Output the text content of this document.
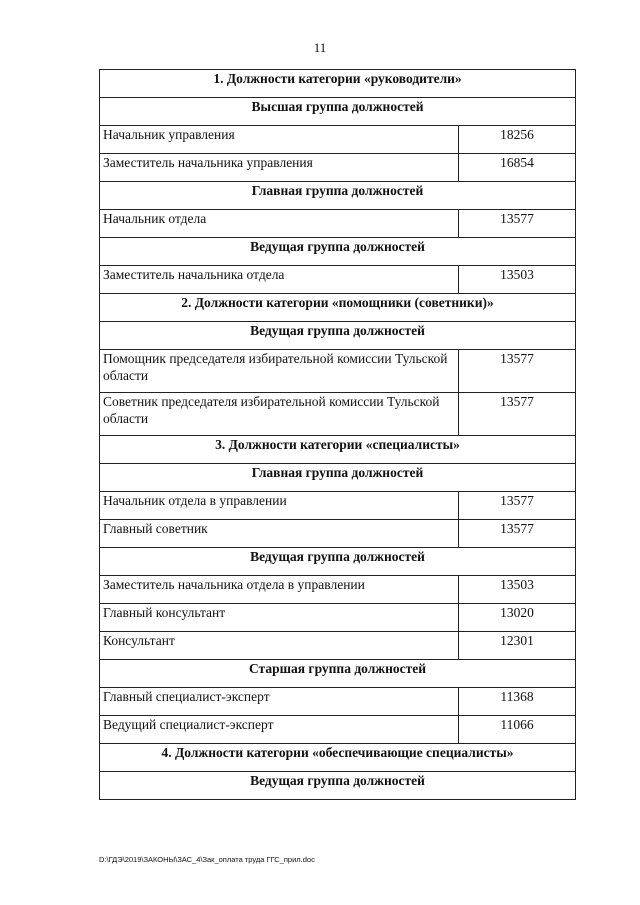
11
1. Должности категории «руководители»	
Высшая группа должностей	
Начальник управления	18256
Заместитель начальника управления	16854
Главная группа должностей	
Начальник отдела	13577
Ведущая группа должностей	
Заместитель начальника отдела	13503
2. Должности категории «помощники (советники)»	
Ведущая группа должностей	
Помощник председателя избирательной комиссии Тульской области	13577
Советник председателя избирательной комиссии Тульской области	13577
3. Должности категории «специалисты»	
Главная группа должностей	
Начальник отдела в управлении	13577
Главный советник	13577
Ведущая группа должностей	
Заместитель начальника отдела в управлении	13503
Главный консультант	13020
Консультант	12301
Старшая группа должностей	
Главный специалист-эксперт	11368
Ведущий специалист-эксперт	11066
4. Должности категории «обеспечивающие специалисты»	
Ведущая группа должностей	
D:\ГДЭ\2019\ЗАКОНЫ\ЗАС_4\Зак_оплата труда ГГС_прил.doc
